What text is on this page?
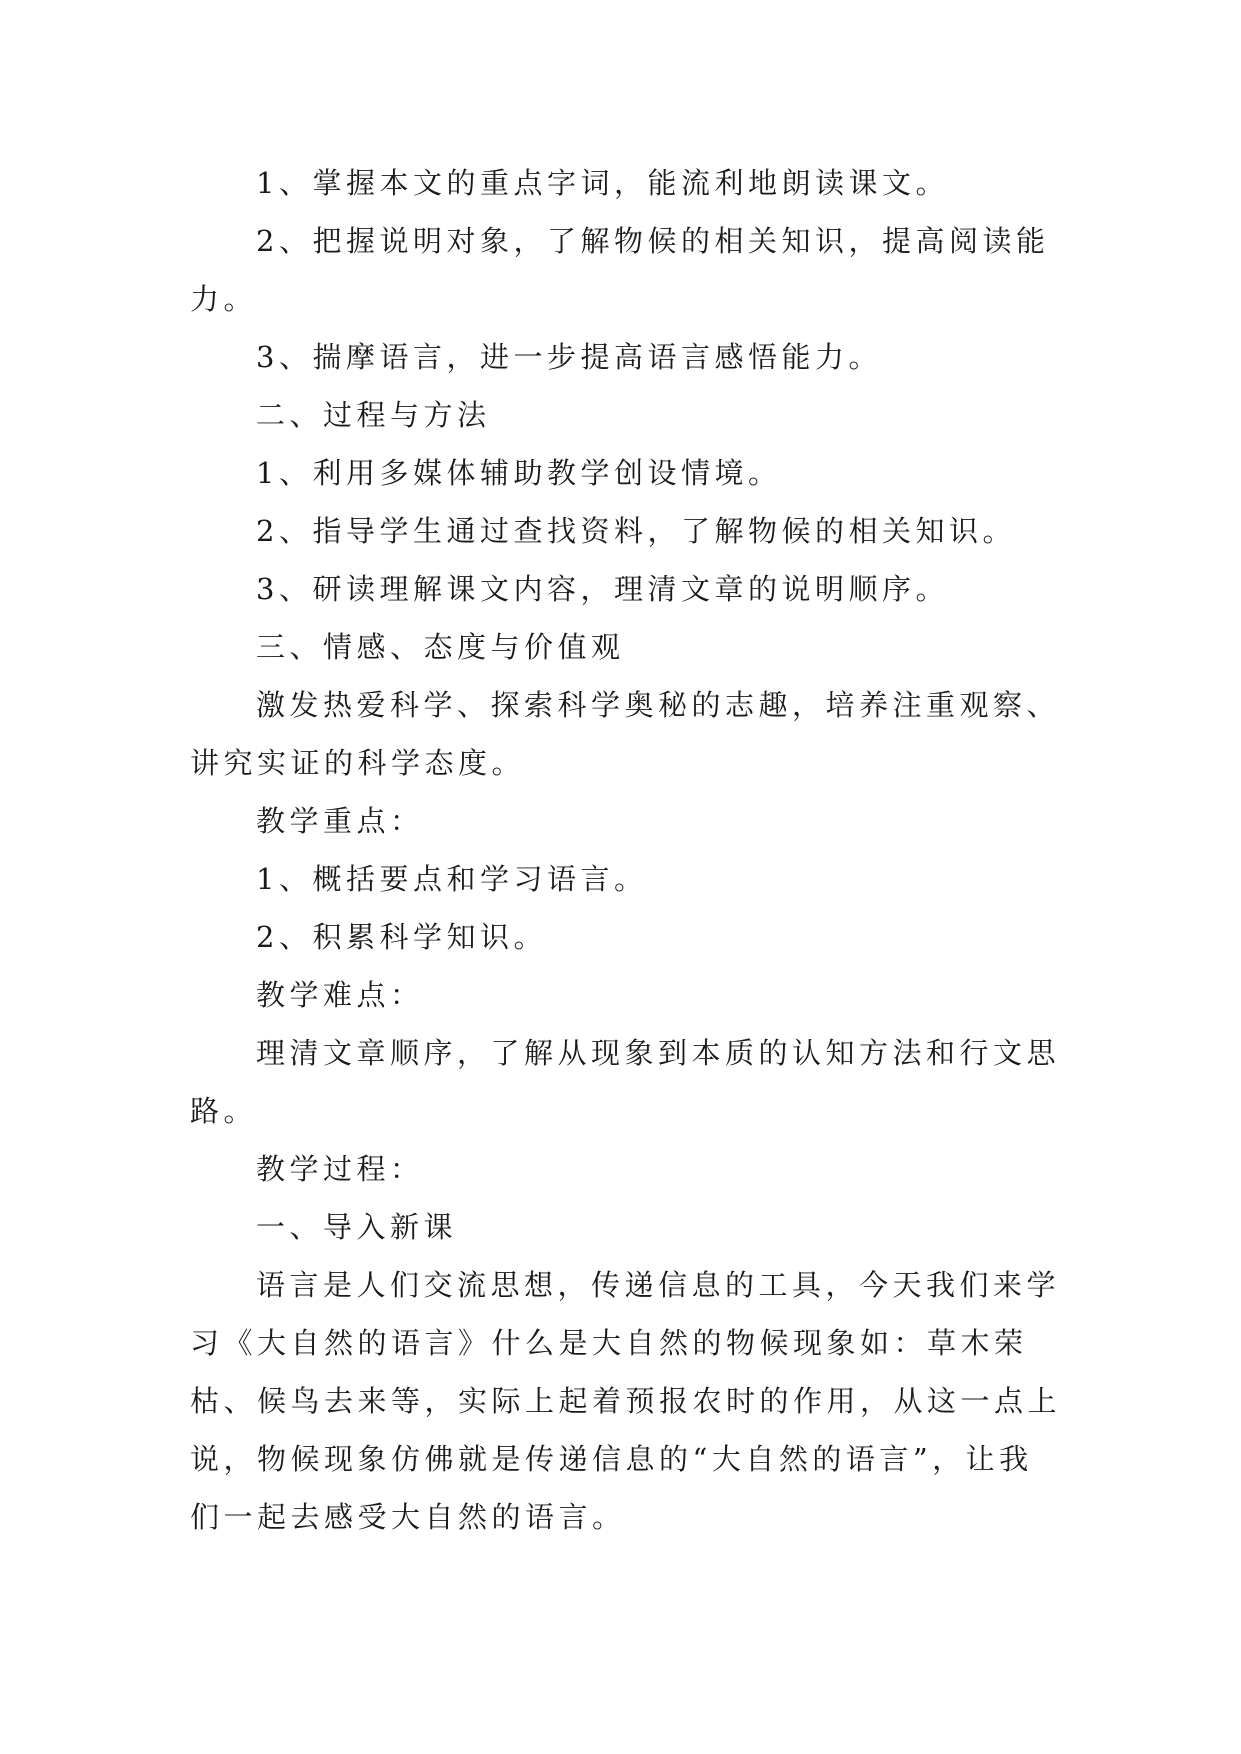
1、掌握本文的重点字词，能流利地朗读课文。

2、把握说明对象，了解物候的相关知识，提高阅读能力。

3、揣摩语言，进一步提高语言感悟能力。

二、过程与方法

1、利用多媒体辅助教学创设情境。

2、指导学生通过查找资料，了解物候的相关知识。

3、研读理解课文内容，理清文章的说明顺序。

三、情感、态度与价值观

激发热爱科学、探索科学奥秘的志趣，培养注重观察、讲究实证的科学态度。

教学重点：

1、概括要点和学习语言。

2、积累科学知识。

教学难点：

理清文章顺序，了解从现象到本质的认知方法和行文思路。

教学过程：

一、导入新课

语言是人们交流思想，传递信息的工具，今天我们来学习《大自然的语言》什么是大自然的物候现象如：草木荣枯、候鸟去来等，实际上起着预报农时的作用，从这一点上说，物候现象仿佛就是传递信息的“大自然的语言”，让我们一起去感受大自然的语言。
